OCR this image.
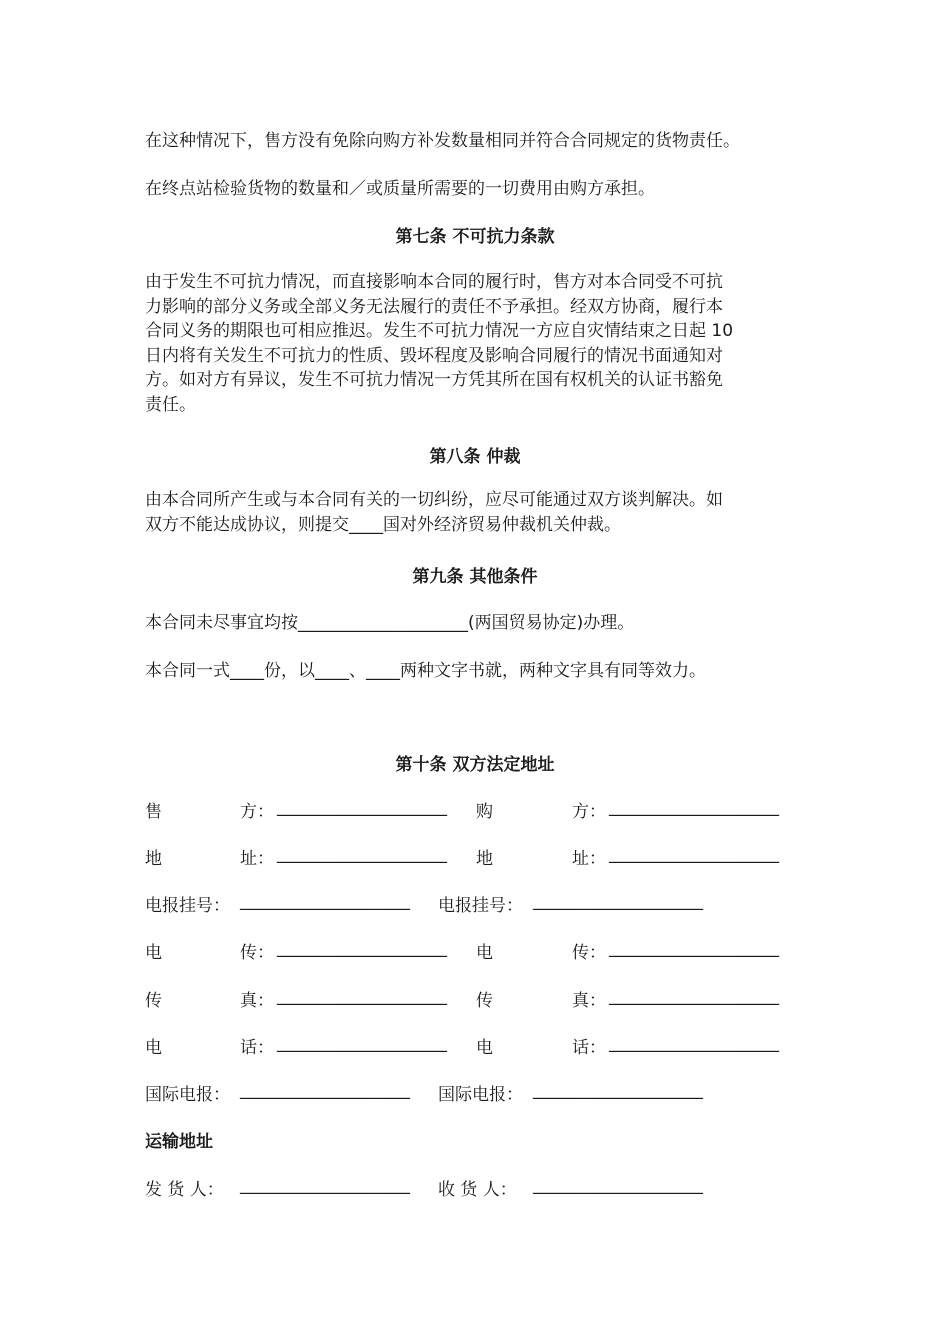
在这种情况下，售方没有免除向购方补发数量相同并符合合同规定的货物责任。
在终点站检验货物的数量和／或质量所需要的一切费用由购方承担。
第七条 不可抗力条款
由于发生不可抗力情况，而直接影响本合同的履行时，售方对本合同受不可抗
力影响的部分义务或全部义务无法履行的责任不予承担。经双方协商，履行本
合同义务的期限也可相应推迟。发生不可抗力情况一方应自灾情结束之日起 10
日内将有关发生不可抗力的性质、毁坏程度及影响合同履行的情况书面通知对
方。如对方有异议，发生不可抗力情况一方凭其所在国有权机关的认证书豁免
责任。
第八条 仲裁
由本合同所产生或与本合同有关的一切纠纷，应尽可能通过双方谈判解决。如
双方不能达成协议，则提交____国对外经济贸易仲裁机关仲裁。
第九条 其他条件
本合同未尽事宜均按____________________(两国贸易协定)办理。
本合同一式____份，以____、____两种文字书就，两种文字具有同等效力。
第十条 双方法定地址
售	方： ____________________ 购	方： ____________________
地	址： ____________________ 地	址： ____________________
电报挂号： ____________________ 电报挂号： ____________________
电	传： ____________________ 电	传： ____________________
传	真： ____________________ 传	真： ____________________
电	话： ____________________ 电	话： ____________________
国际电报： ____________________ 国际电报： ____________________
运输地址
发 货 人： ____________________ 收 货 人： ____________________
